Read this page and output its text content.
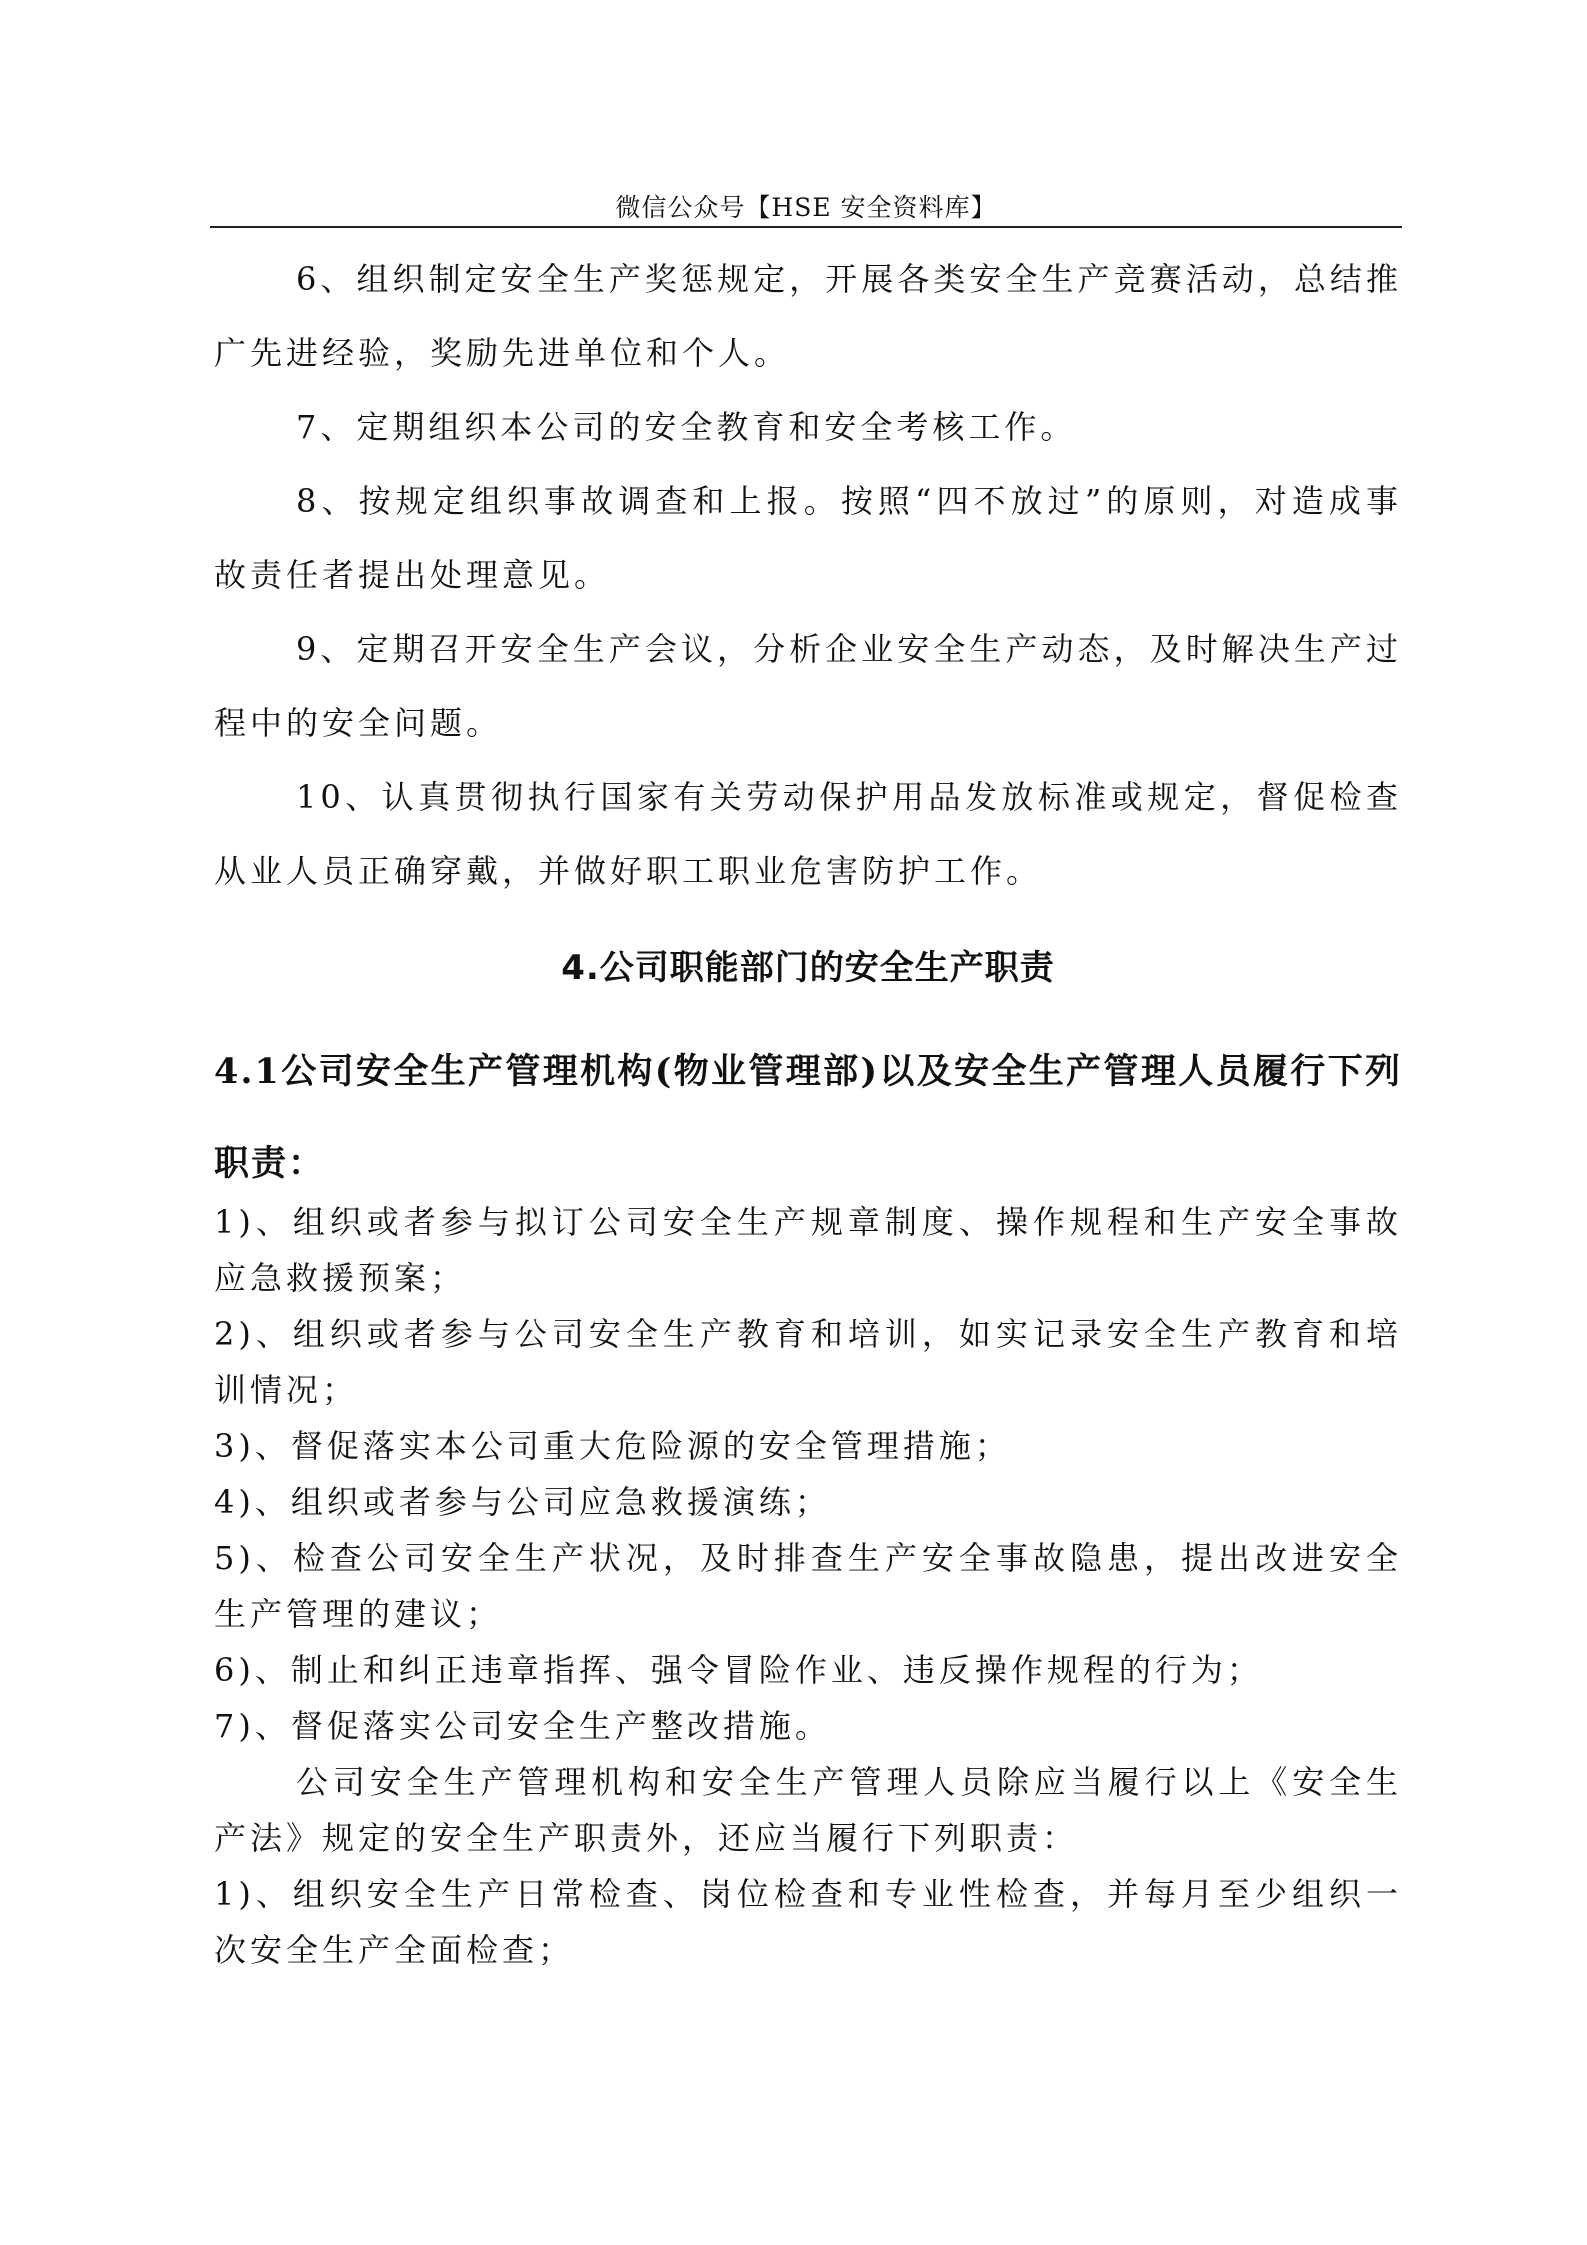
微信公众号【HSE 安全资料库】

6、组织制定安全生产奖惩规定，开展各类安全生产竞赛活动，总结推广先进经验，奖励先进单位和个人。

7、定期组织本公司的安全教育和安全考核工作。

8、按规定组织事故调查和上报。按照“四不放过”的原则，对造成事故责任者提出处理意见。

9、定期召开安全生产会议，分析企业安全生产动态，及时解决生产过程中的安全问题。

10、认真贯彻执行国家有关劳动保护用品发放标准或规定，督促检查从业人员正确穿戴，并做好职工职业危害防护工作。

4.公司职能部门的安全生产职责
4.1公司安全生产管理机构(物业管理部)以及安全生产管理人员履行下列职责：

1)、组织或者参与拟订公司安全生产规章制度、操作规程和生产安全事故应急救援预案；

2)、组织或者参与公司安全生产教育和培训，如实记录安全生产教育和培训情况；

3)、督促落实本公司重大危险源的安全管理措施；

4)、组织或者参与公司应急救援演练；

5)、检查公司安全生产状况，及时排查生产安全事故隐患，提出改进安全生产管理的建议；

6)、制止和纠正违章指挥、强令冒险作业、违反操作规程的行为；

7)、督促落实公司安全生产整改措施。

公司安全生产管理机构和安全生产管理人员除应当履行以上《安全生产法》规定的安全生产职责外，还应当履行下列职责：

1)、组织安全生产日常检查、岗位检查和专业性检查，并每月至少组织一次安全生产全面检查；
